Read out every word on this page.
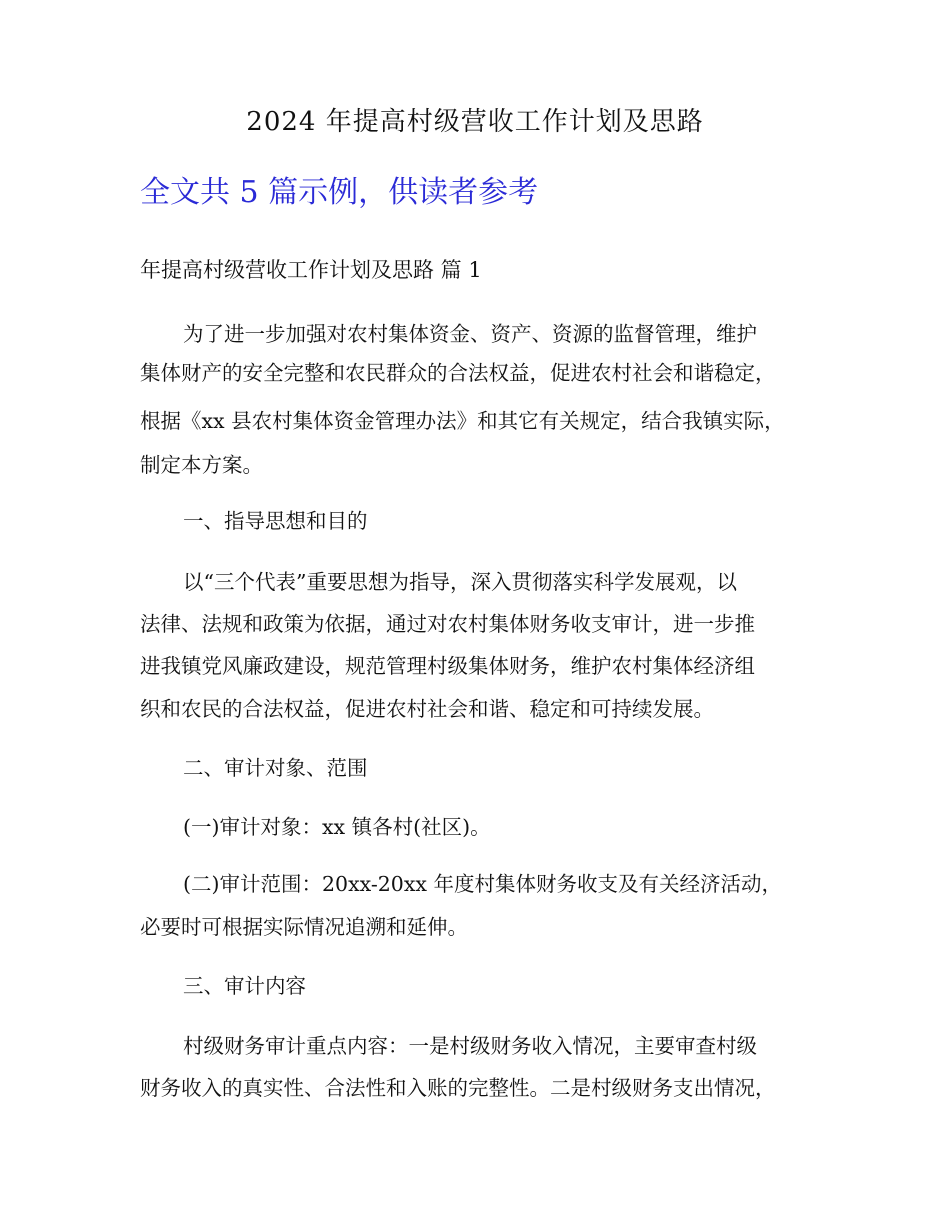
2024 年提高村级营收工作计划及思路
全文共 5 篇示例，供读者参考
年提高村级营收工作计划及思路 篇 1
为了进一步加强对农村集体资金、资产、资源的监督管理，维护
集体财产的安全完整和农民群众的合法权益，促进农村社会和谐稳定，
根据《xx 县农村集体资金管理办法》和其它有关规定，结合我镇实际，
制定本方案。
一、指导思想和目的
以“三个代表”重要思想为指导，深入贯彻落实科学发展观，以
法律、法规和政策为依据，通过对农村集体财务收支审计，进一步推
进我镇党风廉政建设，规范管理村级集体财务，维护农村集体经济组
织和农民的合法权益，促进农村社会和谐、稳定和可持续发展。
二、审计对象、范围
(一)审计对象：xx 镇各村(社区)。
(二)审计范围：20xx-20xx 年度村集体财务收支及有关经济活动，
必要时可根据实际情况追溯和延伸。
三、审计内容
村级财务审计重点内容：一是村级财务收入情况，主要审查村级
财务收入的真实性、合法性和入账的完整性。二是村级财务支出情况，
